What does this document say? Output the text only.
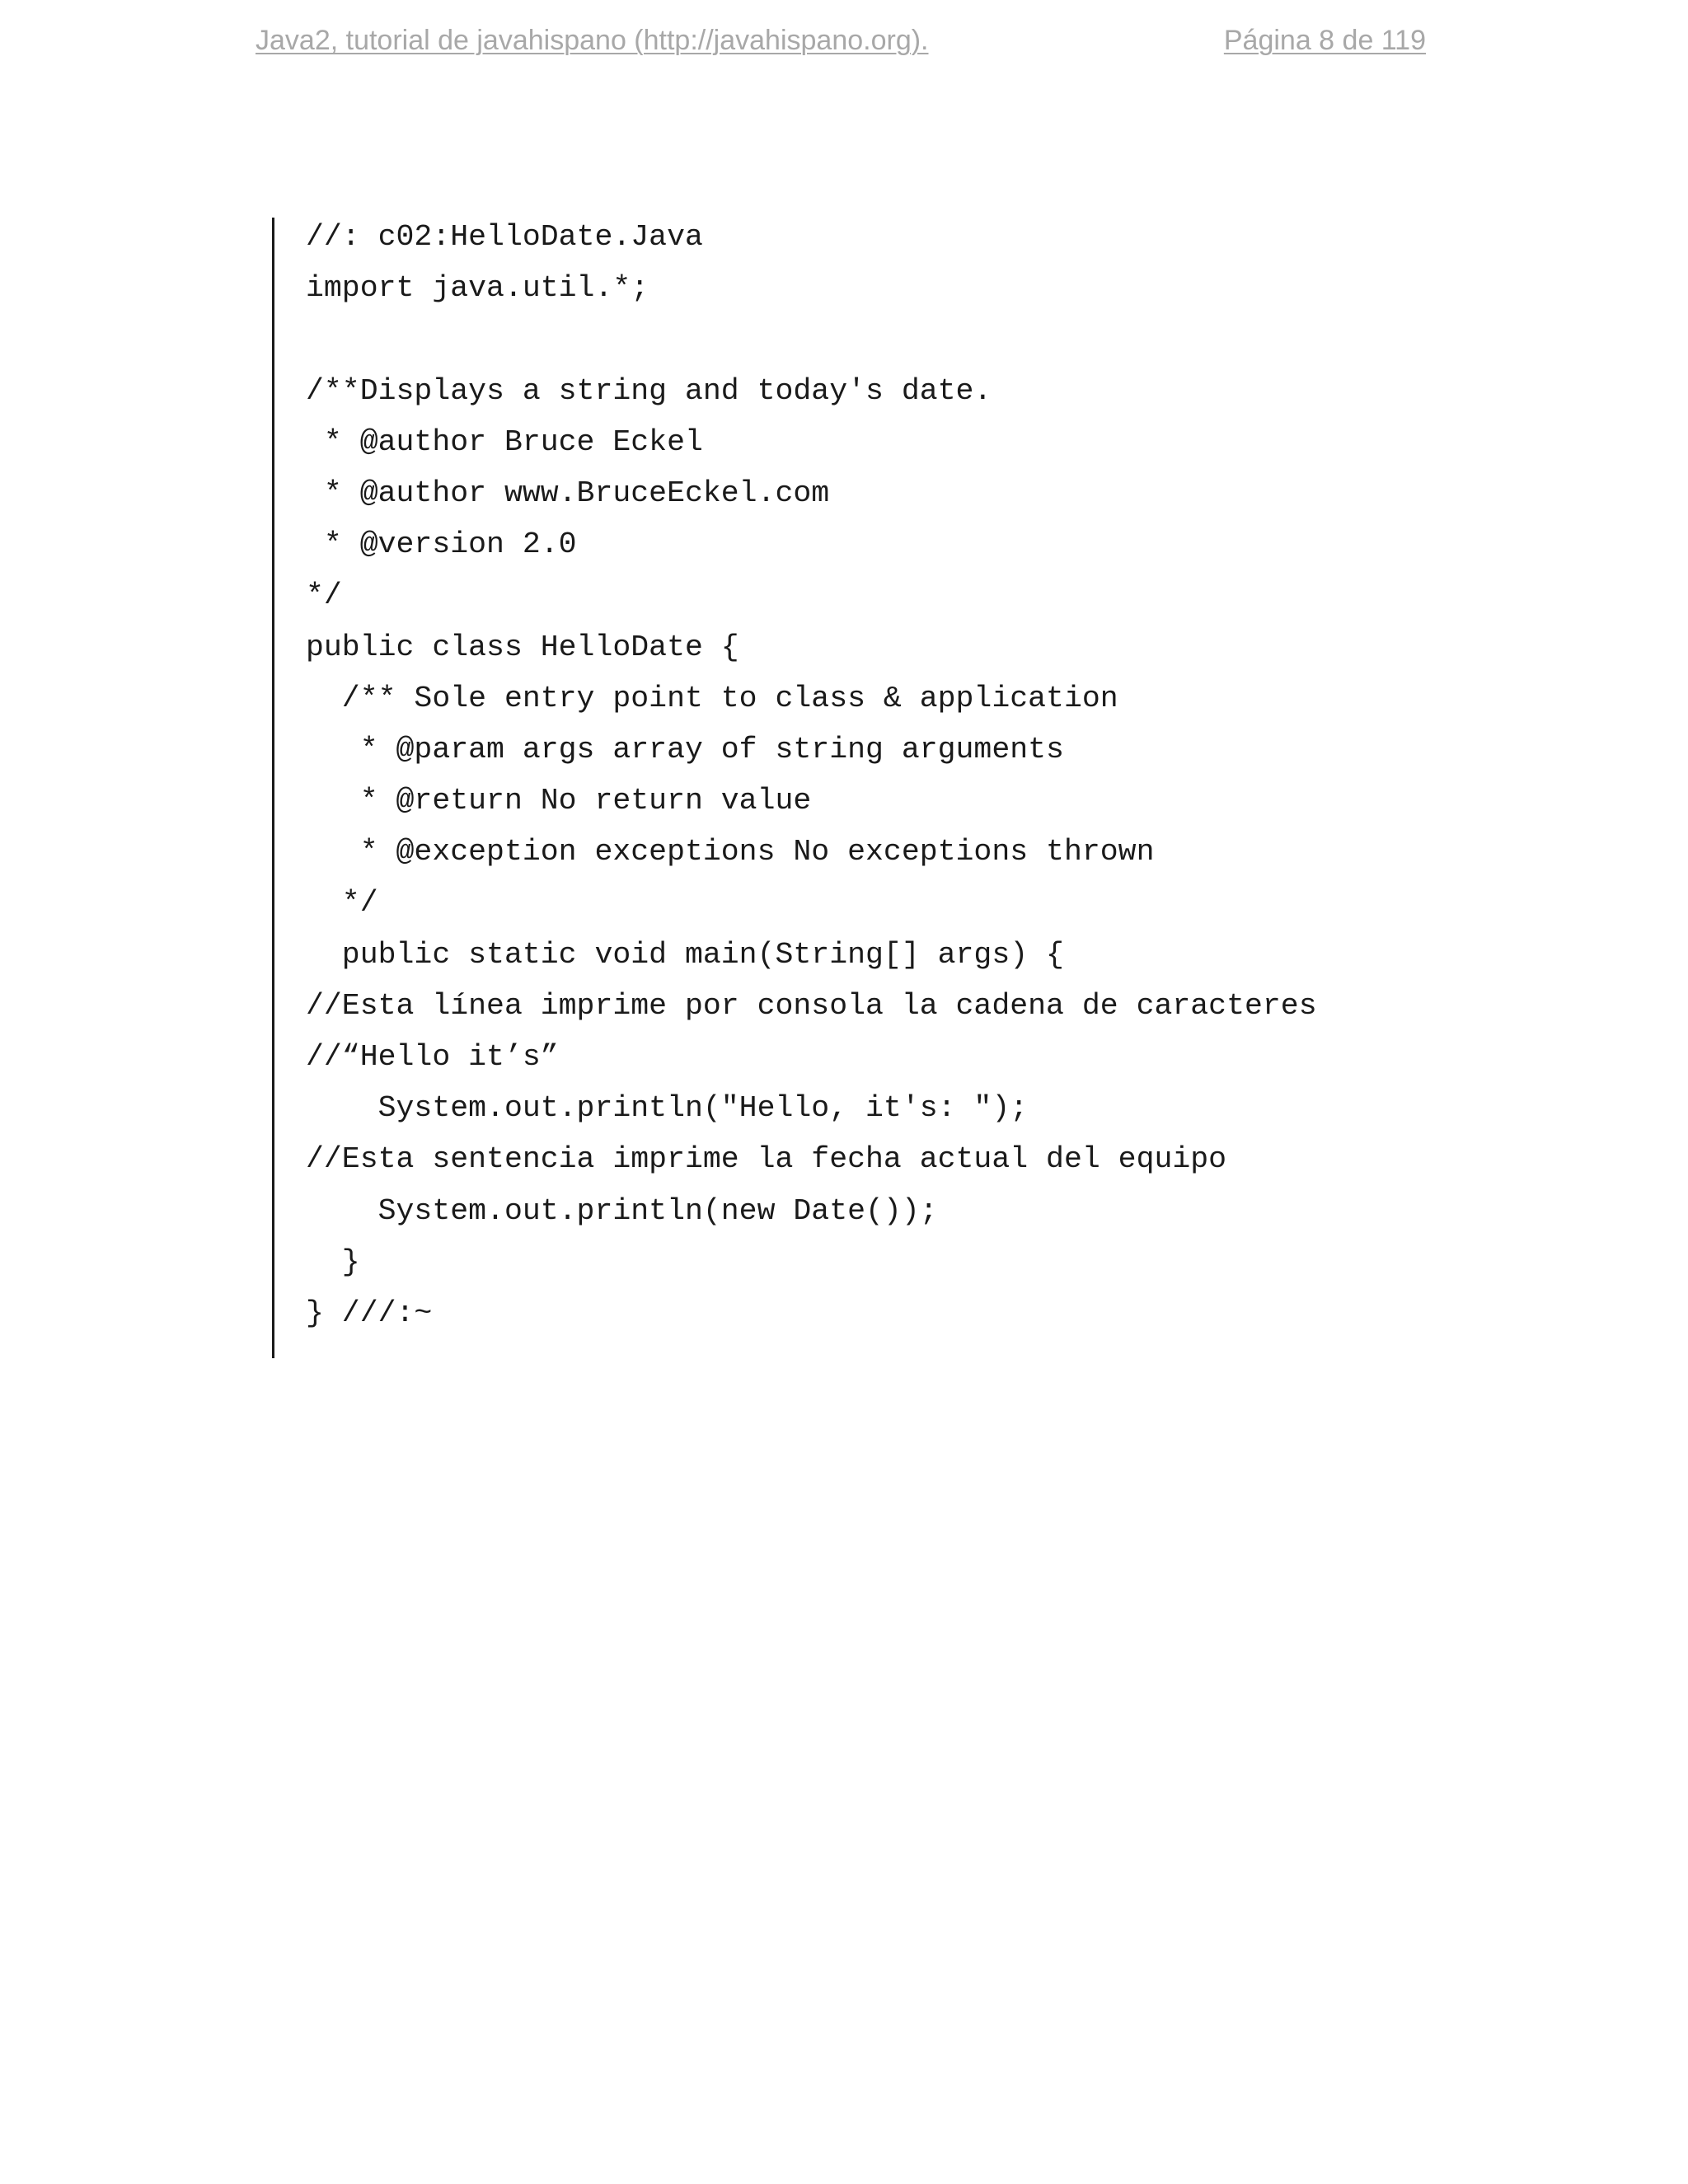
Java2, tutorial de javahispano (http://javahispano.org).	Página 8 de 119
//: c02:HelloDate.Java
import java.util.*;
/**Displays a string and today's date.
* @author Bruce Eckel
* @author www.BruceEckel.com
* @version 2.0
*/
public class HelloDate {
/** Sole entry point to class & application
* @param args array of string arguments
* @return No return value
* @exception exceptions No exceptions thrown
*/
public static void main(String[] args) {
//Esta línea imprime por consola la cadena de caracteres
//“Hello it’s”
System.out.println("Hello, it's: ");
//Esta sentencia imprime la fecha actual del equipo
System.out.println(new Date());
}
} ///:~
